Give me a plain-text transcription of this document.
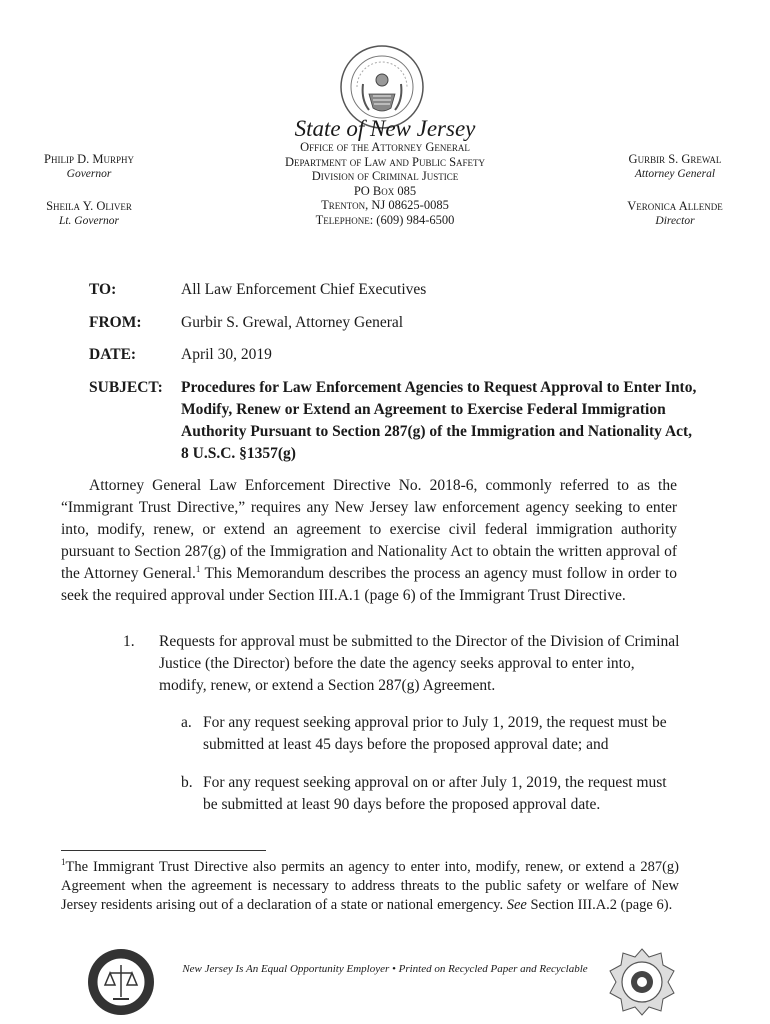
State of New Jersey
Office of the Attorney General
Department of Law and Public Safety
Division of Criminal Justice
PO Box 085
Trenton, NJ 08625-0085
Telephone: (609) 984-6500
Philip D. Murphy
Governor
Sheila Y. Oliver
Lt. Governor
Gurbir S. Grewal
Attorney General
Veronica Allende
Director
TO:	All Law Enforcement Chief Executives
FROM:	Gurbir S. Grewal, Attorney General
DATE:	April 30, 2019
SUBJECT: Procedures for Law Enforcement Agencies to Request Approval to Enter Into, Modify, Renew or Extend an Agreement to Exercise Federal Immigration Authority Pursuant to Section 287(g) of the Immigration and Nationality Act, 8 U.S.C. §1357(g)

Attorney General Law Enforcement Directive No. 2018-6, commonly referred to as the “Immigrant Trust Directive,” requires any New Jersey law enforcement agency seeking to enter into, modify, renew, or extend an agreement to exercise civil federal immigration authority pursuant to Section 287(g) of the Immigration and Nationality Act to obtain the written approval of the Attorney General.$^1$ This Memorandum describes the process an agency must follow in order to seek the required approval under Section III.A.1 (page 6) of the Immigrant Trust Directive.

1. Requests for approval must be submitted to the Director of the Division of Criminal Justice (the Director) before the date the agency seeks approval to enter into, modify, renew, or extend a Section 287(g) Agreement.
a. For any request seeking approval prior to July 1, 2019, the request must be submitted at least 45 days before the proposed approval date; and
b. For any request seeking approval on or after July 1, 2019, the request must be submitted at least 90 days before the proposed approval date.
$^1$The Immigrant Trust Directive also permits an agency to enter into, modify, renew, or extend a 287(g) Agreement when the agreement is necessary to address threats to the public safety or welfare of New Jersey residents arising out of a declaration of a state or national emergency. See Section III.A.2 (page 6).
New Jersey Is An Equal Opportunity Employer • Printed on Recycled Paper and Recyclable
